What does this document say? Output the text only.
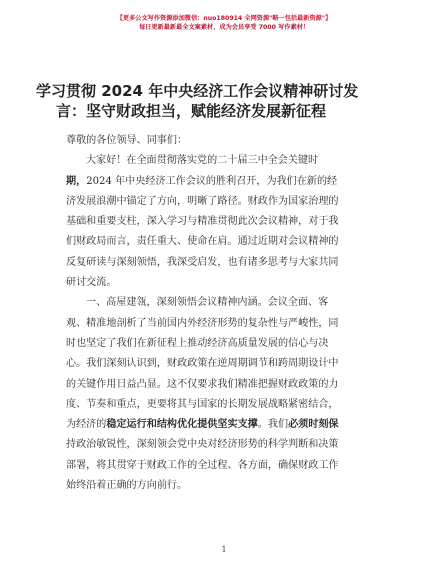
【更多公文写作资源添加微信：nuo180914 全网资源"略一包括最新资源"】
每日更新最新最全文案素材，成为会员享受 7000 写作素材！
学习贯彻 2024 年中央经济工作会议精神研讨发
言：坚守财政担当，赋能经济发展新征程
尊敬的各位领导、同事们：
大家好！在全面贯彻落实党的二十届三中全会关键时
期，2024 年中央经济工作会议的胜利召开，为我们在新的经
济发展浪潮中锚定了方向，明晰了路径。财政作为国家治理的
基础和重要支柱，深入学习与精准贯彻此次会议精神，对于我
们财政局而言，责任重大、使命在肩。通过近期对会议精神的
反复研读与深刻领悟，我深受启发，也有诸多思考与大家共同
研讨交流。
一、高屋建瓴，深刻领悟会议精神内涵。会议全面、客
观、精准地剖析了当前国内外经济形势的复杂性与严峻性，同
时也坚定了我们在新征程上推动经济高质量发展的信心与决
心。我们深刻认识到，财政政策在逆周期调节和跨周期设计中
的关键作用日益凸显。这不仅要求我们精准把握财政政策的力
度、节奏和重点，更要将其与国家的长期发展战略紧密结合，
为经济的稳定运行和结构优化提供坚实支撑。我们必须时刻保
持政治敏锐性，深刻领会党中央对经济形势的科学判断和决策
部署，将其贯穿于财政工作的全过程、各方面，确保财政工作
始终沿着正确的方向前行。
1
